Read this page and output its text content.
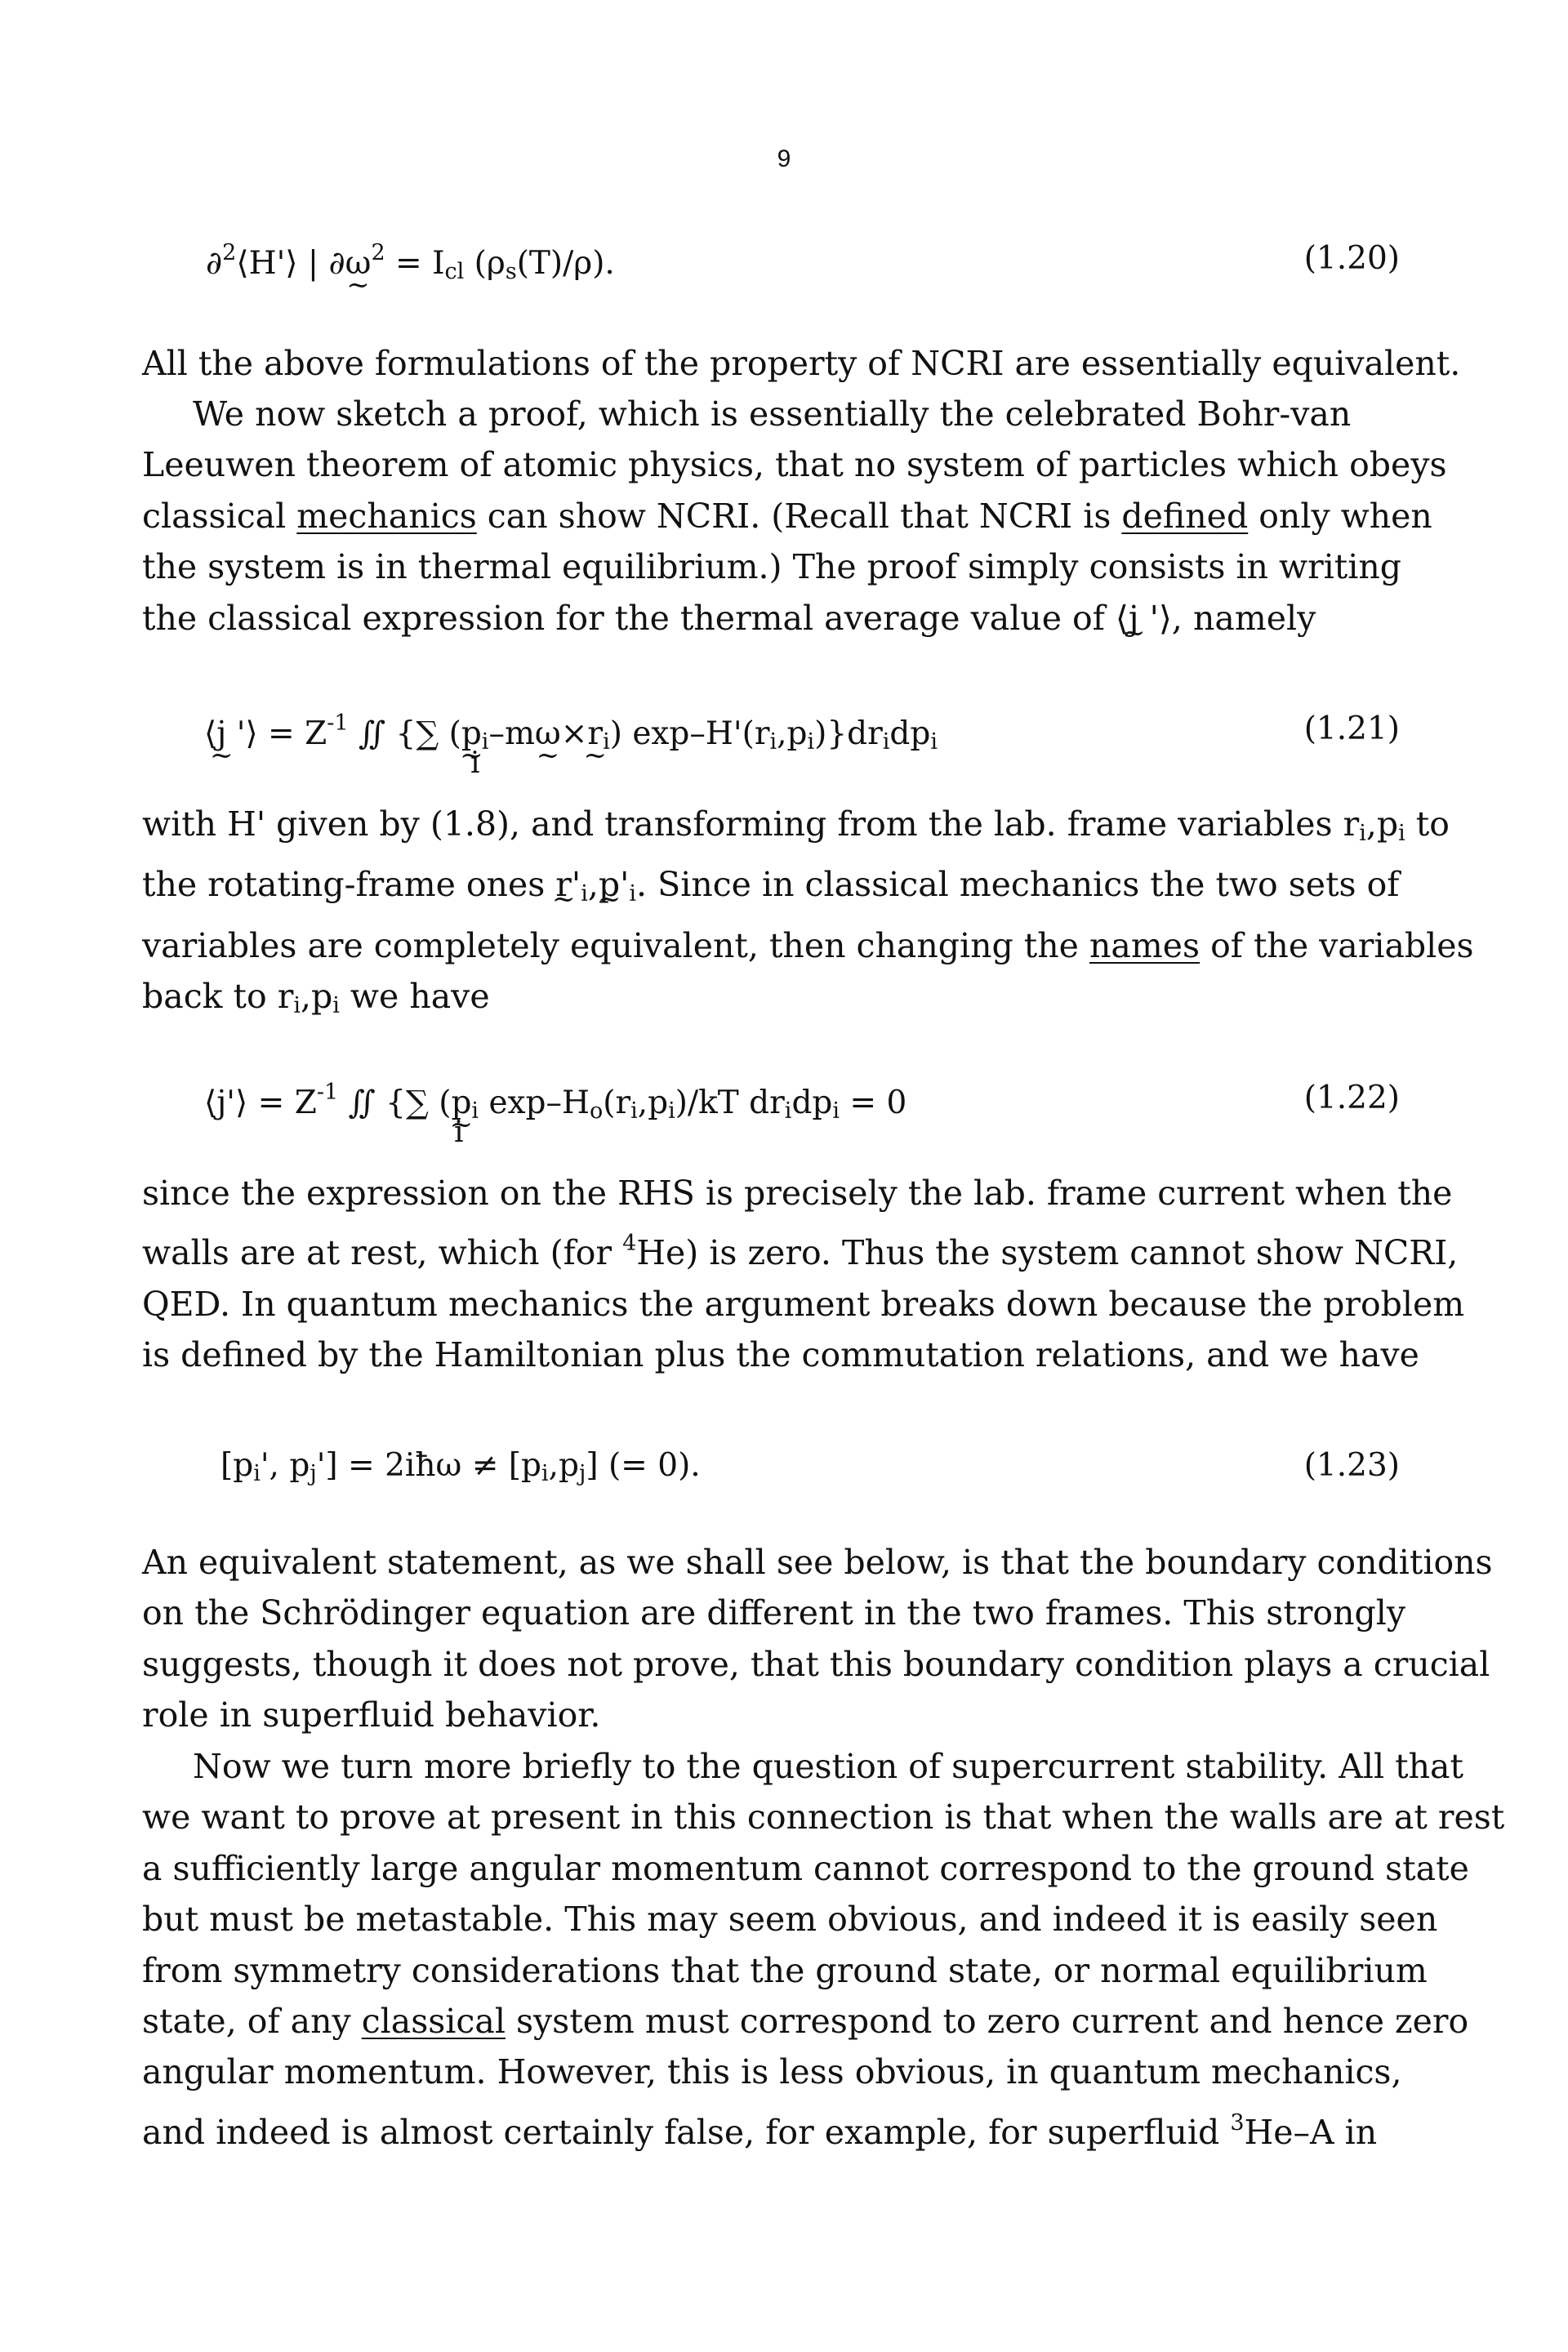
9
∂$^2$⟨H'⟩ | ∂ω ~$^2$ = $I_{cl}$ $(\rho_s(T)/\rho)$.	(1.20)
All the above formulations of the property of NCRI are essentially equivalent.
We now sketch a proof, which is essentially the celebrated Bohr-van
Leeuwen theorem of atomic physics, that no system of particles which obeys
classical mechanics can show NCRI. (Recall that NCRI is defined only when
the system is in thermal equilibrium.) The proof simply consists in writing
the classical expression for the thermal average value of ⟨j ~ '⟩, namely
⟨j ~ '⟩ = $Z^{-1}$ ∬ {∑ (p $\sim_i-m\omega$ ~×r $\sim_i$) $\exp-H'(r_i,p_i)\}dr_idp_i$
i
(1.21)
with H' given by (1.8), and transforming from the lab. frame variables $r_i,p_i$ to
the rotating-frame ones r $\sim'_i,p$ $\sim'_i$. Since in classical mechanics the two sets of
variables are completely equivalent, then changing the names of the variables
back to $r_i,p_i$ we have
⟨j'⟩ = $Z^{-1}$ ∬ {∑ (p $\sim_i$ $\exp-H_o(r_i,p_i)/kT$ $dr_idp_i = 0$
i
(1.22)
since the expression on the RHS is precisely the lab. frame current when the
walls are at rest, which (for $^4$He) is zero. Thus the system cannot show NCRI,
QED. In quantum mechanics the argument breaks down because the problem
is defined by the Hamiltonian plus the commutation relations, and we have
[$p_i'$, $p_j'$] = 2iħω ≠ $[p_i,p_j]$ (= 0).	(1.23)
An equivalent statement, as we shall see below, is that the boundary conditions
on the Schrödinger equation are different in the two frames. This strongly
suggests, though it does not prove, that this boundary condition plays a crucial
role in superfluid behavior.
Now we turn more briefly to the question of supercurrent stability. All that
we want to prove at present in this connection is that when the walls are at rest
a sufficiently large angular momentum cannot correspond to the ground state
but must be metastable. This may seem obvious, and indeed it is easily seen
from symmetry considerations that the ground state, or normal equilibrium
state, of any classical system must correspond to zero current and hence zero
angular momentum. However, this is less obvious, in quantum mechanics,
and indeed is almost certainly false, for example, for superfluid $^3$He–A in
